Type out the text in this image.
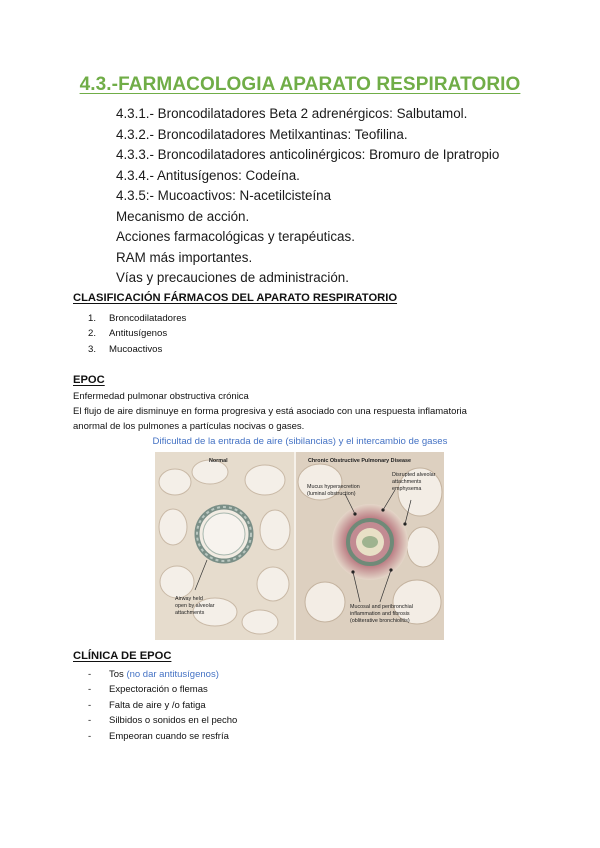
4.3.-FARMACOLOGIA APARATO RESPIRATORIO
4.3.1.- Broncodilatadores Beta 2 adrenérgicos: Salbutamol.
4.3.2.- Broncodilatadores Metilxantinas: Teofilina.
4.3.3.- Broncodilatadores anticolinérgicos: Bromuro de Ipratropio
4.3.4.- Antitusígenos: Codeína.
4.3.5:- Mucoactivos: N-acetilcisteína
Mecanismo de acción.
Acciones farmacológicas y terapéuticas.
RAM más importantes.
Vías y precauciones de administración.
CLASIFICACIÓN FÁRMACOS DEL APARATO RESPIRATORIO
1. Broncodilatadores
2. Antitusígenos
3. Mucoactivos
EPOC
Enfermedad pulmonar obstructiva crónica
El flujo de aire disminuye en forma progresiva y está asociado con una respuesta inflamatoria
anormal de los pulmones a partículas nocivas o gases.
Dificultad de la entrada de aire (sibilancias) y el intercambio de gases
Normal	Chronic Obstructive Pulmonary Disease
Airway held
open by alveolar
attachments
Mucus hypersecretion
(luminal obstruction)
Disrupted alveolar
attachments
emphysema
Mucosal and peribronchial
inflammation and fibrosis
(obliterative bronchiolitis)
CLÍNICA DE EPOC
- Tos (no dar antitusígenos)
- Expectoración o flemas
- Falta de aire y /o fatiga
- Silbidos o sonidos en el pecho
- Empeoran cuando se resfría
